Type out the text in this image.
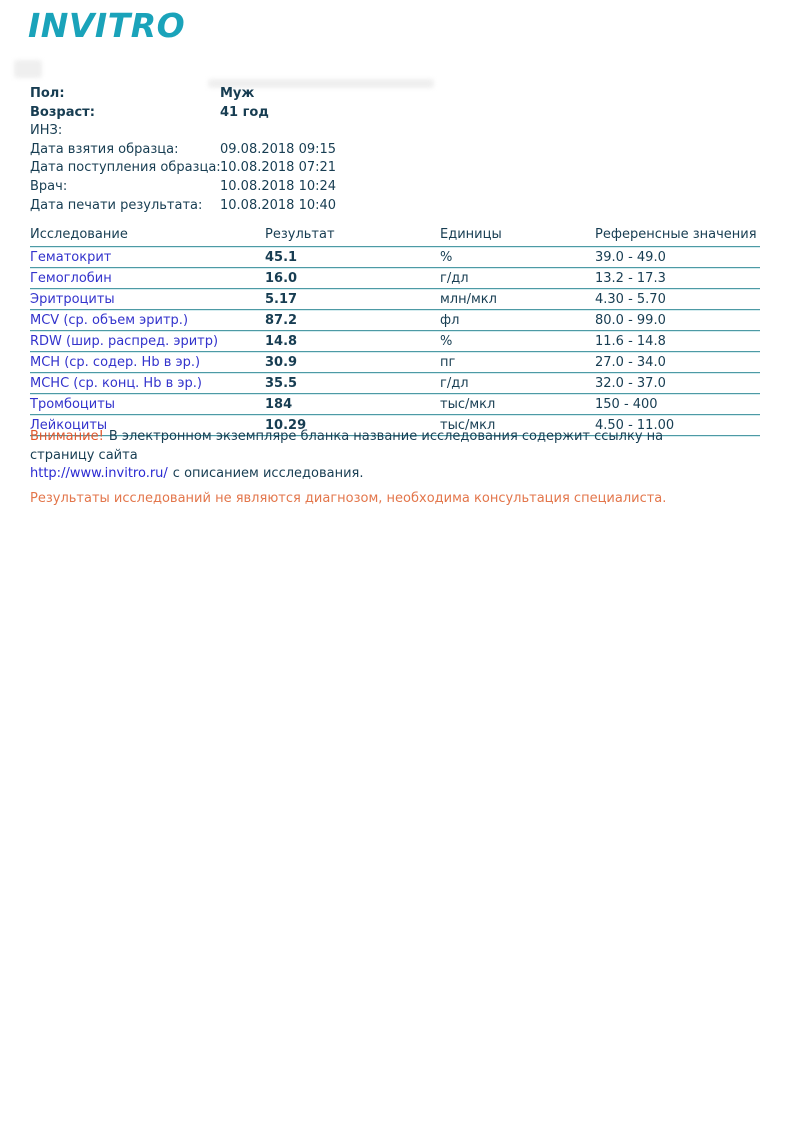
INVITRO
Пол:	Муж
Возраст:	41 год
ИНЗ:
Дата взятия образца:	09.08.2018 09:15
Дата поступления образца: 10.08.2018 07:21
Врач:	10.08.2018 10:24
Дата печати результата: 10.08.2018 10:40
Исследование	Результат	Единицы	Референсные значения
Гематокрит	45.1	%	39.0 - 49.0
Гемоглобин	16.0	г/дл	13.2 - 17.3
Эритроциты	5.17	млн/мкл	4.30 - 5.70
MCV (ср. объем эритр.)	87.2	фл	80.0 - 99.0
RDW (шир. распред. эритр)	14.8	%	11.6 - 14.8
MCH (ср. содер. Hb в эр.)	30.9	пг	27.0 - 34.0
MCHC (ср. конц. Hb в эр.)	35.5	г/дл	32.0 - 37.0
Тромбоциты	184	тыс/мкл	150 - 400
Лейкоциты	10.29	тыс/мкл	4.50 - 11.00
Внимание! В электронном экземпляре бланка название исследования содержит ссылку на страницу сайта
http://www.invitro.ru/ с описанием исследования.
Результаты исследований не являются диагнозом, необходима консультация специалиста.
